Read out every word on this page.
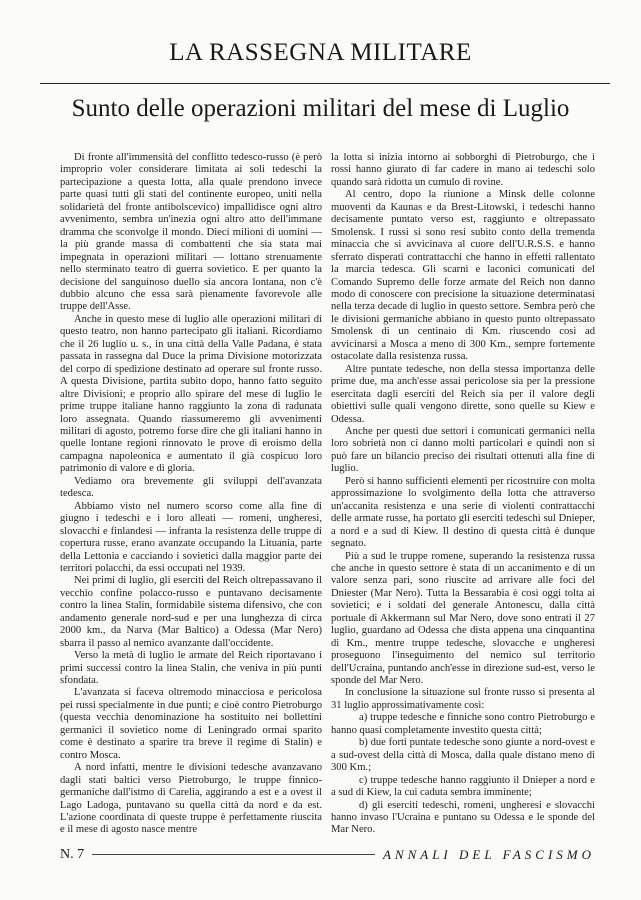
LA RASSEGNA MILITARE
Sunto delle operazioni militari del mese di Luglio

Di fronte all'immensità del conflitto tedesco-russo (è però improprio voler considerare limitata ai soli tedeschi la partecipazione a questa lotta, alla quale prendono invece parte quasi tutti gli stati del continente europeo, uniti nella solidarietà del fronte antibolscevico) impallidisce ogni altro avvenimento, sembra un'inezia ogni altro atto dell'immane dramma che sconvolge il mondo. Dieci milioni di uomini — la più grande massa di combattenti che sia stata mai impegnata in operazioni militari — lottano strenuamente nello sterminato teatro di guerra sovietico. E per quanto la decisione del sanguinoso duello sia ancora lontana, non c'è dubbio alcuno che essa sarà pienamente favorevole alle truppe dell'Asse.

Anche in questo mese di luglio alle operazioni militari di questo teatro, non hanno partecipato gli italiani. Ricordiamo che il 26 luglio u. s., in una città della Valle Padana, è stata passata in rassegna dal Duce la prima Divisione motorizzata del corpo di spedizione destinato ad operare sul fronte russo. A questa Divisione, partita subito dopo, hanno fatto seguito altre Divisioni; e proprio allo spirare del mese di luglio le prime truppe italiane hanno raggiunto la zona di radunata loro assegnata. Quando riassumeremo gli avvenimenti militari di agosto, potremo forse dire che gli italiani hanno in quelle lontane regioni rinnovato le prove di eroismo della campagna napoleonica e aumentato il già cospicuo loro patrimonio di valore e di gloria.

Vediamo ora brevemente gli sviluppi dell'avanzata tedesca.

Abbiamo visto nel numero scorso come alla fine di giugno i tedeschi e i loro alleati — romeni, ungheresi, slovacchi e finlandesi — infranta la resistenza delle truppe di copertura russe, erano avanzate occupando la Lituania, parte della Lettonia e cacciando i sovietici dalla maggior parte dei territori polacchi, da essi occupati nel 1939.

Nei primi di luglio, gli eserciti del Reich oltrepassavano il vecchio confine polacco-russo e puntavano decisamente contro la linea Stalin, formidabile sistema difensivo, che con andamento generale nord-sud e per una lunghezza di circa 2000 km., da Narva (Mar Baltico) a Odessa (Mar Nero) sbarra il passo al nemico avanzante dall'occidente.

Verso la metà di luglio le armate del Reich riportavano i primi successi contro la linea Stalin, che veniva in più punti sfondata.

L'avanzata si faceva oltremodo minacciosa e pericolosa pei russi specialmente in due punti; e cioè contro Pietroburgo (questa vecchia denominazione ha sostituito nei bollettini germanici il sovietico nome di Leningrado ormai sparito come è destinato a sparire tra breve il regime di Stalin) e contro Mosca.

A nord infatti, mentre le divisioni tedesche avanzavano dagli stati baltici verso Pietroburgo, le truppe finnico-germaniche dall'istmo di Carelia, aggirando a est e a ovest il Lago Ladoga, puntavano su quella città da nord e da est. L'azione coordinata di queste truppe è perfettamente riuscita e il mese di agosto nasce mentre

la lotta si inizia intorno ai sobborghi di Pietroburgo, che i rossi hanno giurato di far cadere in mano ai tedeschi solo quando sarà ridotta un cumulo di rovine.

Al centro, dopo la riunione a Minsk delle colonne muoventi da Kaunas e da Brest-Litowski, i tedeschi hanno decisamente puntato verso est, raggiunto e oltrepassato Smolensk. I russi si sono resi subito conto della tremenda minaccia che si avvicinava al cuore dell'U.R.S.S. e hanno sferrato disperati contrattacchi che hanno in effetti rallentato la marcia tedesca. Gli scarni e laconici comunicati del Comando Supremo delle forze armate del Reich non danno modo di conoscere con precisione la situazione determinatasi nella terza decade di luglio in questo settore. Sembra però che le divisioni germaniche abbiano in questo punto oltrepassato Smolensk di un centinaio di Km. riuscendo così ad avvicinarsi a Mosca a meno di 300 Km., sempre fortemente ostacolate dalla resistenza russa.

Altre puntate tedesche, non della stessa importanza delle prime due, ma anch'esse assai pericolose sia per la pressione esercitata dagli eserciti del Reich sia per il valore degli obiettivi sulle quali vengono dirette, sono quelle su Kiew e Odessa.

Anche per questi due settori i comunicati germanici nella loro sobrietà non ci danno molti particolari e quindi non si può fare un bilancio preciso dei risultati ottenuti alla fine di luglio.

Però si hanno sufficienti elementi per ricostruire con molta approssimazione lo svolgimento della lotta che attraverso un'accanita resistenza e una serie di violenti contrattacchi delle armate russe, ha portato gli eserciti tedeschi sul Dnieper, a nord e a sud di Kiew. Il destino di questa città è dunque segnato.

Più a sud le truppe romene, superando la resistenza russa che anche in questo settore è stata di un accanimento e di un valore senza pari, sono riuscite ad arrivare alle foci del Dniester (Mar Nero). Tutta la Bessarabia è così oggi tolta ai sovietici; e i soldati del generale Antonescu, dalla città portuale di Akkermann sul Mar Nero, dove sono entrati il 27 luglio, guardano ad Odessa che dista appena una cinquantina di Km., mentre truppe tedesche, slovacche e ungheresi proseguono l'inseguimento del nemico sul territorio dell'Ucraina, puntando anch'esse in direzione sud-est, verso le sponde del Mar Nero.

In conclusione la situazione sul fronte russo si presenta al 31 luglio approssimativamente così:

a) truppe tedesche e finniche sono contro Pietroburgo e hanno quasi completamente investito questa città;

b) due forti puntate tedesche sono giunte a nord-ovest e a sud-ovest della città di Mosca, dalla quale distano meno di 300 Km.;

c) truppe tedesche hanno raggiunto il Dnieper a nord e a sud di Kiew, la cui caduta sembra imminente;

d) gli eserciti tedeschi, romeni, ungheresi e slovacchi hanno invaso l'Ucraina e puntano su Odessa e le sponde del Mar Nero.

N. 7	ANNALI DEL FASCISMO
